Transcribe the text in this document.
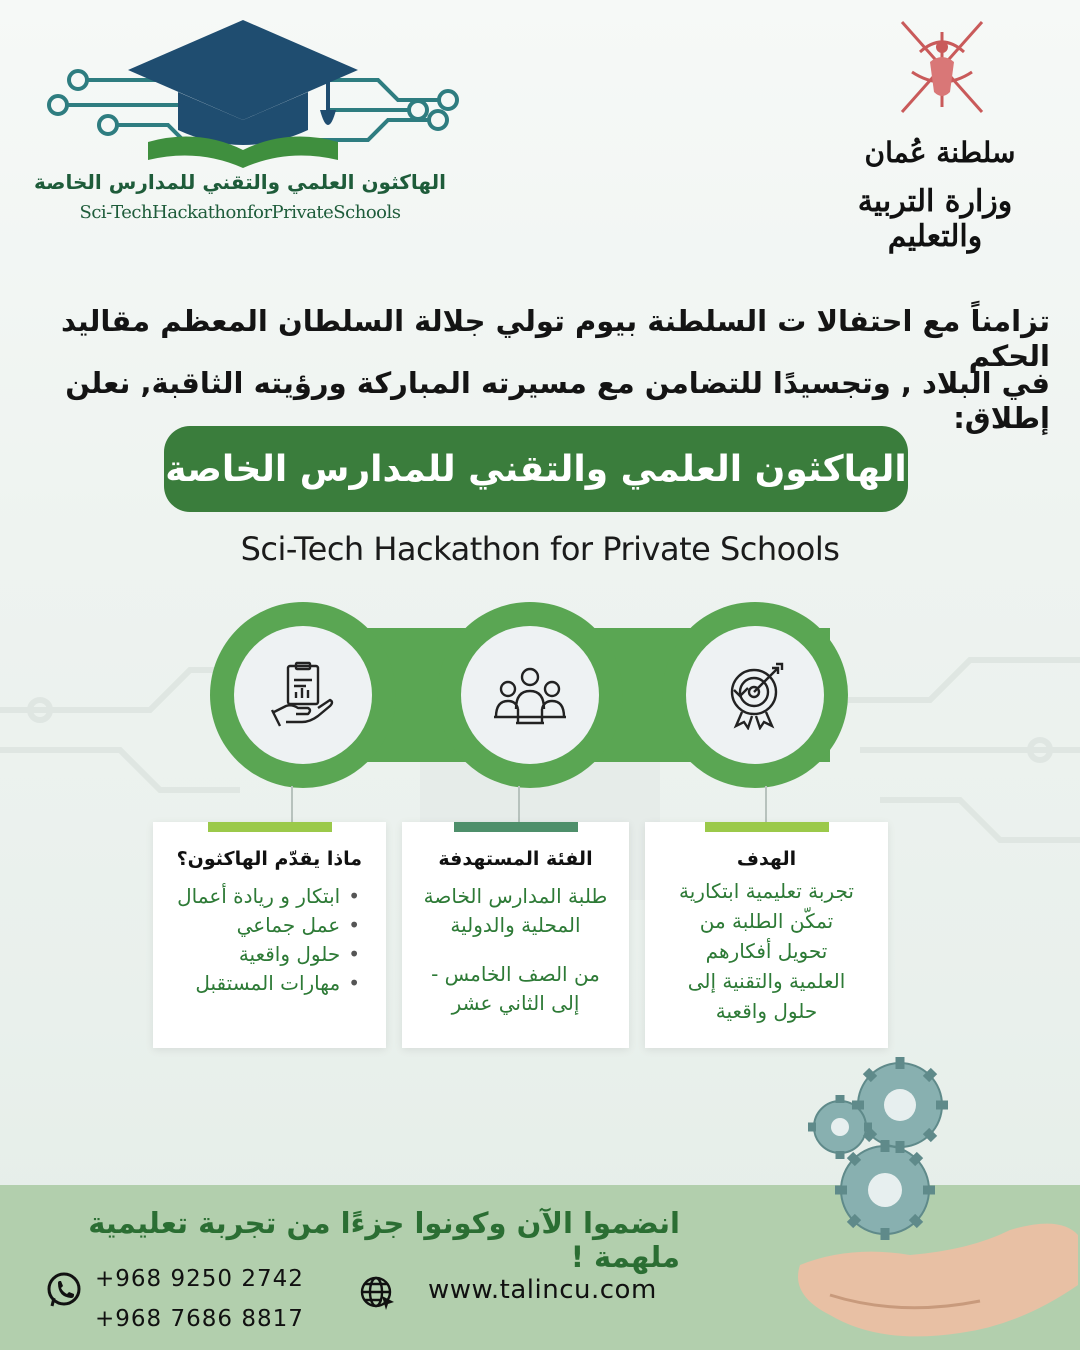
الهاكثون العلمي والتقني للمدارس الخاصة
Sci-TechHackathonforPrivateSchools
سلطنة عُمان
وزارة التربية والتعليم
تزامناً مع احتفالا ت السلطنة بيوم تولي جلالة السلطان المعظم مقاليد الحكم
في البلاد , وتجسيدًا للتضامن مع مسيرته المباركة ورؤيته الثاقبة, نعلن إطلاق:
الهاكثون العلمي والتقني للمدارس الخاصة
Sci-Tech Hackathon for Private Schools
ماذا يقدّم الهاكثون؟
• ابتكار و ريادة أعمال
• عمل جماعي
• حلول واقعية
• مهارات المستقبل
الفئة المستهدفة
طلبة المدارس الخاصة
المحلية والدولية
من الصف الخامس -
إلى الثاني عشر
الهدف
تجربة تعليمية ابتكارية
تمكّن الطلبة من
تحويل أفكارهم
العلمية والتقنية إلى
حلول واقعية
انضموا الآن وكونوا جزءًا من تجربة تعليمية ملهمة !
+968 9250 2742
+968 7686 8817
www.talincu.com
